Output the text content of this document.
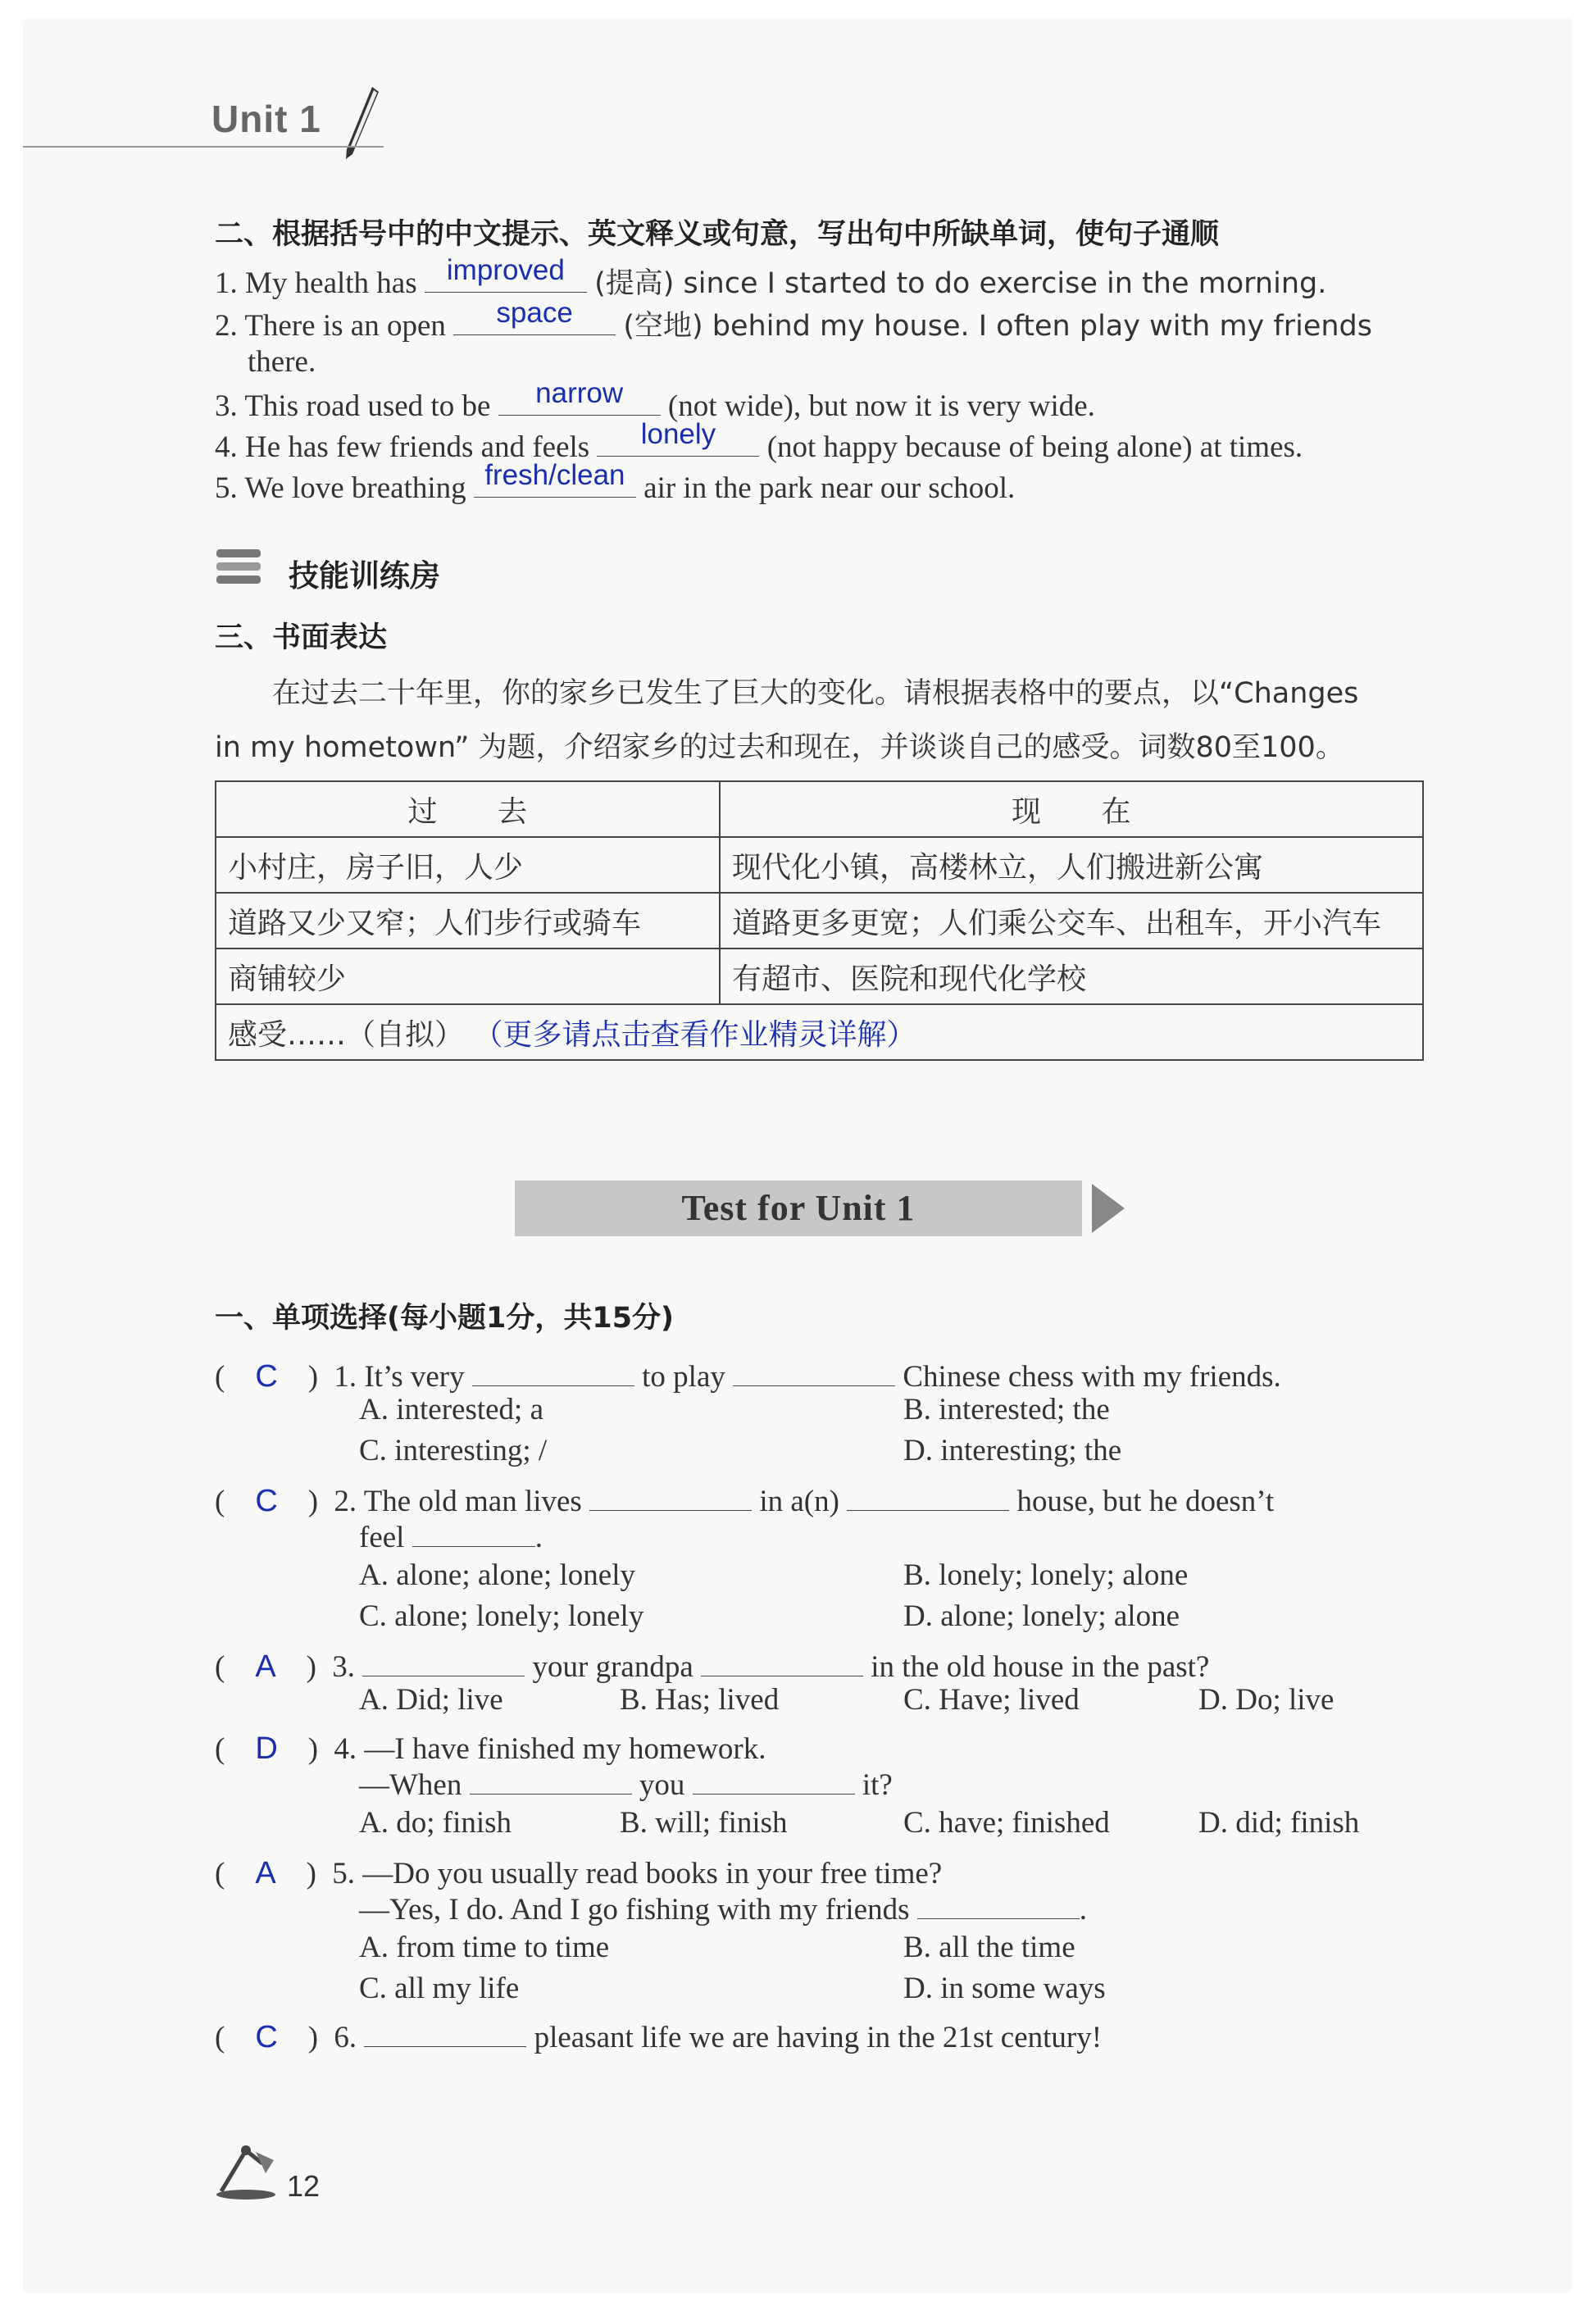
Unit 1
二、根据括号中的中文提示、英文释义或句意，写出句中所缺单词，使句子通顺
1. My health has	improved	(提高) since I started to do exercise in the morning.
2. There is an open	space	(空地) behind my house. I often play with my friends
there.
3. This road used to be	narrow	(not wide), but now it is very wide.
4. He has few friends and feels	lonely	(not happy because of being alone) at times.
5. We love breathing fresh/clean air in the park near our school.
技能训练房
三、书面表达
在过去二十年里，你的家乡已发生了巨大的变化。请根据表格中的要点，以“Changes
in my hometown” 为题，介绍家乡的过去和现在，并谈谈自己的感受。词数80至100。
过　　去	现　　在
小村庄，房子旧，人少	现代化小镇，高楼林立，人们搬进新公寓
道路又少又窄；人们步行或骑车	道路更多更宽；人们乘公交车、出租车，开小汽车
商铺较少	有超市、医院和现代化学校
感受……（自拟） （更多请点击查看作业精灵详解）	
Test for Unit 1
一、单项选择(每小题1分，共15分)
(　C　) 1. It’s very	to play	Chinese chess with my friends.
A. interested; a	B. interested; the
C. interesting; /	D. interesting; the
(　C　) 2. The old man lives	in a(n)	house, but he doesn’t
feel	.
A. alone; alone; lonely	B. lonely; lonely; alone
C. alone; lonely; lonely	D. alone; lonely; alone
(　A　) 3.	your grandpa	in the old house in the past?
A. Did; live	B. Has; lived	C. Have; lived	D. Do; live
(　D　) 4. —I have finished my homework.
—When	you	it?
A. do; finish	B. will; finish	C. have; finished	D. did; finish
(　A　) 5. —Do you usually read books in your free time?
—Yes, I do. And I go fishing with my friends	.
A. from time to time	B. all the time
C. all my life	D. in some ways
(　C　) 6.	pleasant life we are having in the 21st century!
12
